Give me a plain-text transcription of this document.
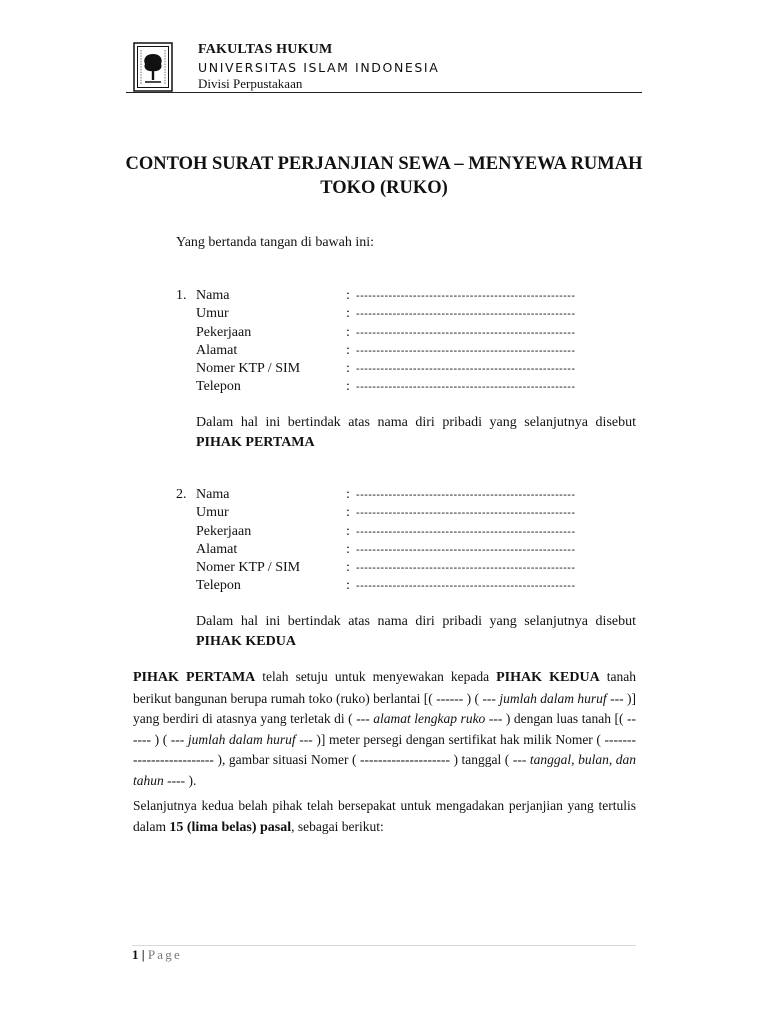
FAKULTAS HUKUM
UNIVERSITAS ISLAM INDONESIA
Divisi Perpustakaan
CONTOH SURAT PERJANJIAN SEWA – MENYEWA RUMAH TOKO (RUKO)
Yang bertanda tangan di bawah ini:
1. Nama	: ------------------------------------------------------
Umur	: ------------------------------------------------------
Pekerjaan	: ------------------------------------------------------
Alamat	: ------------------------------------------------------
Nomer KTP / SIM	: ------------------------------------------------------
Telepon	: ------------------------------------------------------
Dalam hal ini bertindak atas nama diri pribadi yang selanjutnya disebut PIHAK PERTAMA
2. Nama	: ------------------------------------------------------
Umur	: ------------------------------------------------------
Pekerjaan	: ------------------------------------------------------
Alamat	: ------------------------------------------------------
Nomer KTP / SIM	: ------------------------------------------------------
Telepon	: ------------------------------------------------------
Dalam hal ini bertindak atas nama diri pribadi yang selanjutnya disebut PIHAK KEDUA
PIHAK PERTAMA telah setuju untuk menyewakan kepada PIHAK KEDUA tanah berikut bangunan berupa rumah toko (ruko) berlantai [( ------ ) ( --- jumlah dalam huruf --- )] yang berdiri di atasnya yang terletak di ( --- alamat lengkap ruko --- ) dengan luas tanah [( ------ ) ( --- jumlah dalam huruf --- )] meter persegi dengan sertifikat hak milik Nomer ( ------------------------- ), gambar situasi Nomer ( -------------------- ) tanggal ( --- tanggal, bulan, dan tahun ---- ).
Selanjutnya kedua belah pihak telah bersepakat untuk mengadakan perjanjian yang tertulis dalam 15 (lima belas) pasal, sebagai berikut:
1 | Page
